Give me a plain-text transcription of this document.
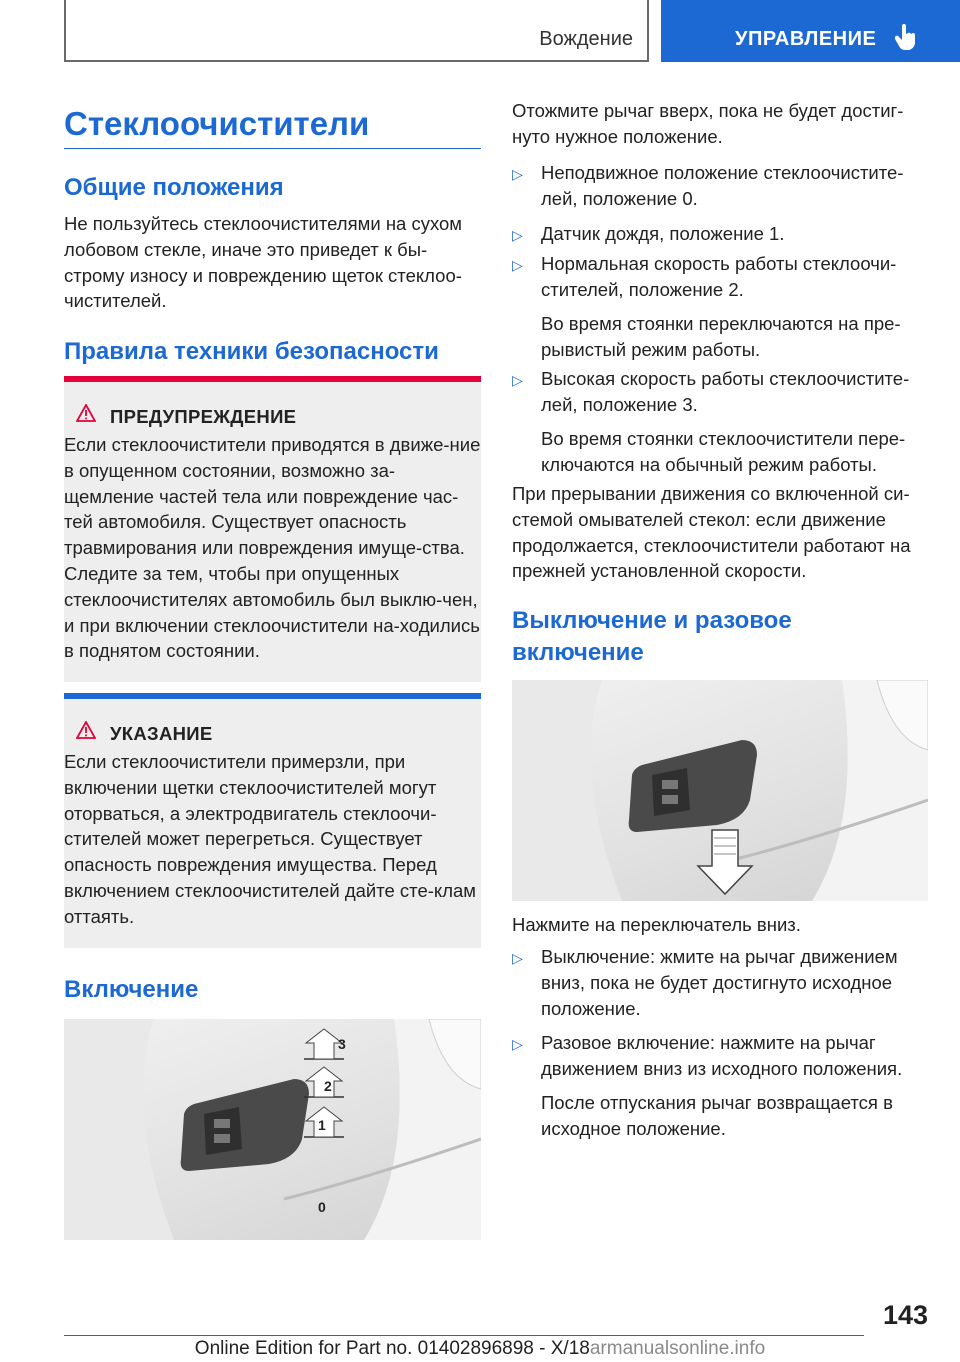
Вождение	УПРАВЛЕНИЕ
Стеклоочистители
Общие положения

Не пользуйтесь стеклоочистителями на сухом лобовом стекле, иначе это приведет к бы-строму износу и повреждению щеток стеклоо-чистителей.

Правила техники безопасности
ПРЕДУПРЕЖДЕНИЕ

Если стеклоочистители приводятся в движе-ние в опущенном состоянии, возможно за-щемление частей тела или повреждение час-тей автомобиля. Существует опасность травмирования или повреждения имуще-ства. Следите за тем, чтобы при опущенных стеклоочистителях автомобиль был выклю-чен, и при включении стеклоочистители на-ходились в поднятом состоянии.

УКАЗАНИЕ

Если стеклоочистители примерзли, при включении щетки стеклоочистителей могут оторваться, а электродвигатель стеклоочи-стителей может перегреться. Существует опасность повреждения имущества. Перед включением стеклоочистителей дайте сте-клам оттаять.

Включение
3
2
1
0

Отожмите рычаг вверх, пока не будет достиг-нуто нужное положение.

▷ Неподвижное положение стеклоочистите-лей, положение 0.

▷ Датчик дождя, положение 1.

▷ Нормальная скорость работы стеклоочи-стителей, положение 2.

Во время стоянки переключаются на пре-рывистый режим работы.

▷ Высокая скорость работы стеклоочистите-лей, положение 3.

Во время стоянки стеклоочистители пере-ключаются на обычный режим работы.

При прерывании движения со включенной си-стемой омывателей стекол: если движение продолжается, стеклоочистители работают на прежней установленной скорости.

Выключение и разовое включение

Нажмите на переключатель вниз.

▷ Выключение: жмите на рычаг движением вниз, пока не будет достигнуто исходное положение.

▷ Разовое включение: нажмите на рычаг движением вниз из исходного положения.

После отпускания рычаг возвращается в исходное положение.

143
Online Edition for Part no. 01402896898 - X/18armanualsonline.info
